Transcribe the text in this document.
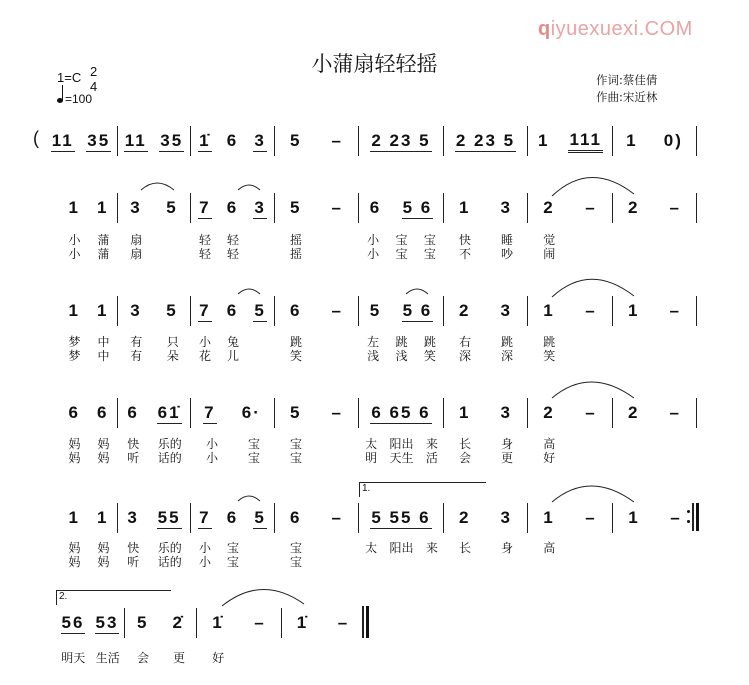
qiyuexuexi.COM
小蒲扇轻轻摇
1=C 2
4
=100
作词:蔡佳倩
作曲:宋近林
( 11 35 11 35 1̇ 6 3 5 – 2 23 5 2 23 5 1 111 1 0)
1 1 3 5 7 6 3 5 – 6 5 6 1 3 2 – 2 –
小 蒲 扇	轻 轻	摇	小 宝 宝 快 睡	觉
小 蒲 扇	轻 轻	摇	小 宝 宝 不 吵	闹
1 1 3 5 7 6 5 6 – 5 5 6 2 3 1 – 1 –
梦 中 有 只 小 兔	跳	左 跳 跳 右 跳	跳
梦 中 有 朵 花 儿	笑	浅 浅 笑 深 深	笑
6 6 6 61̇ 7 6· 5 – 6 65 6 1 3 2 – 2 –
妈 妈 快 乐的 小 宝 宝	太 阳出 来 长 身	高
妈 妈 听 话的 小 宝 宝	明 天生 活 会 更	好
1 1 3 55 7 6 5 6 – 5 55 6 2 3 1 – 1 –
1.
妈 妈 快 乐的 小 宝	宝	太 阳出 来 长 身	高
妈 妈 听 话的 小 宝	宝
56 53 5 2̇ 1̇ – 1̇ –
2.
明天 生活 会 更 好
